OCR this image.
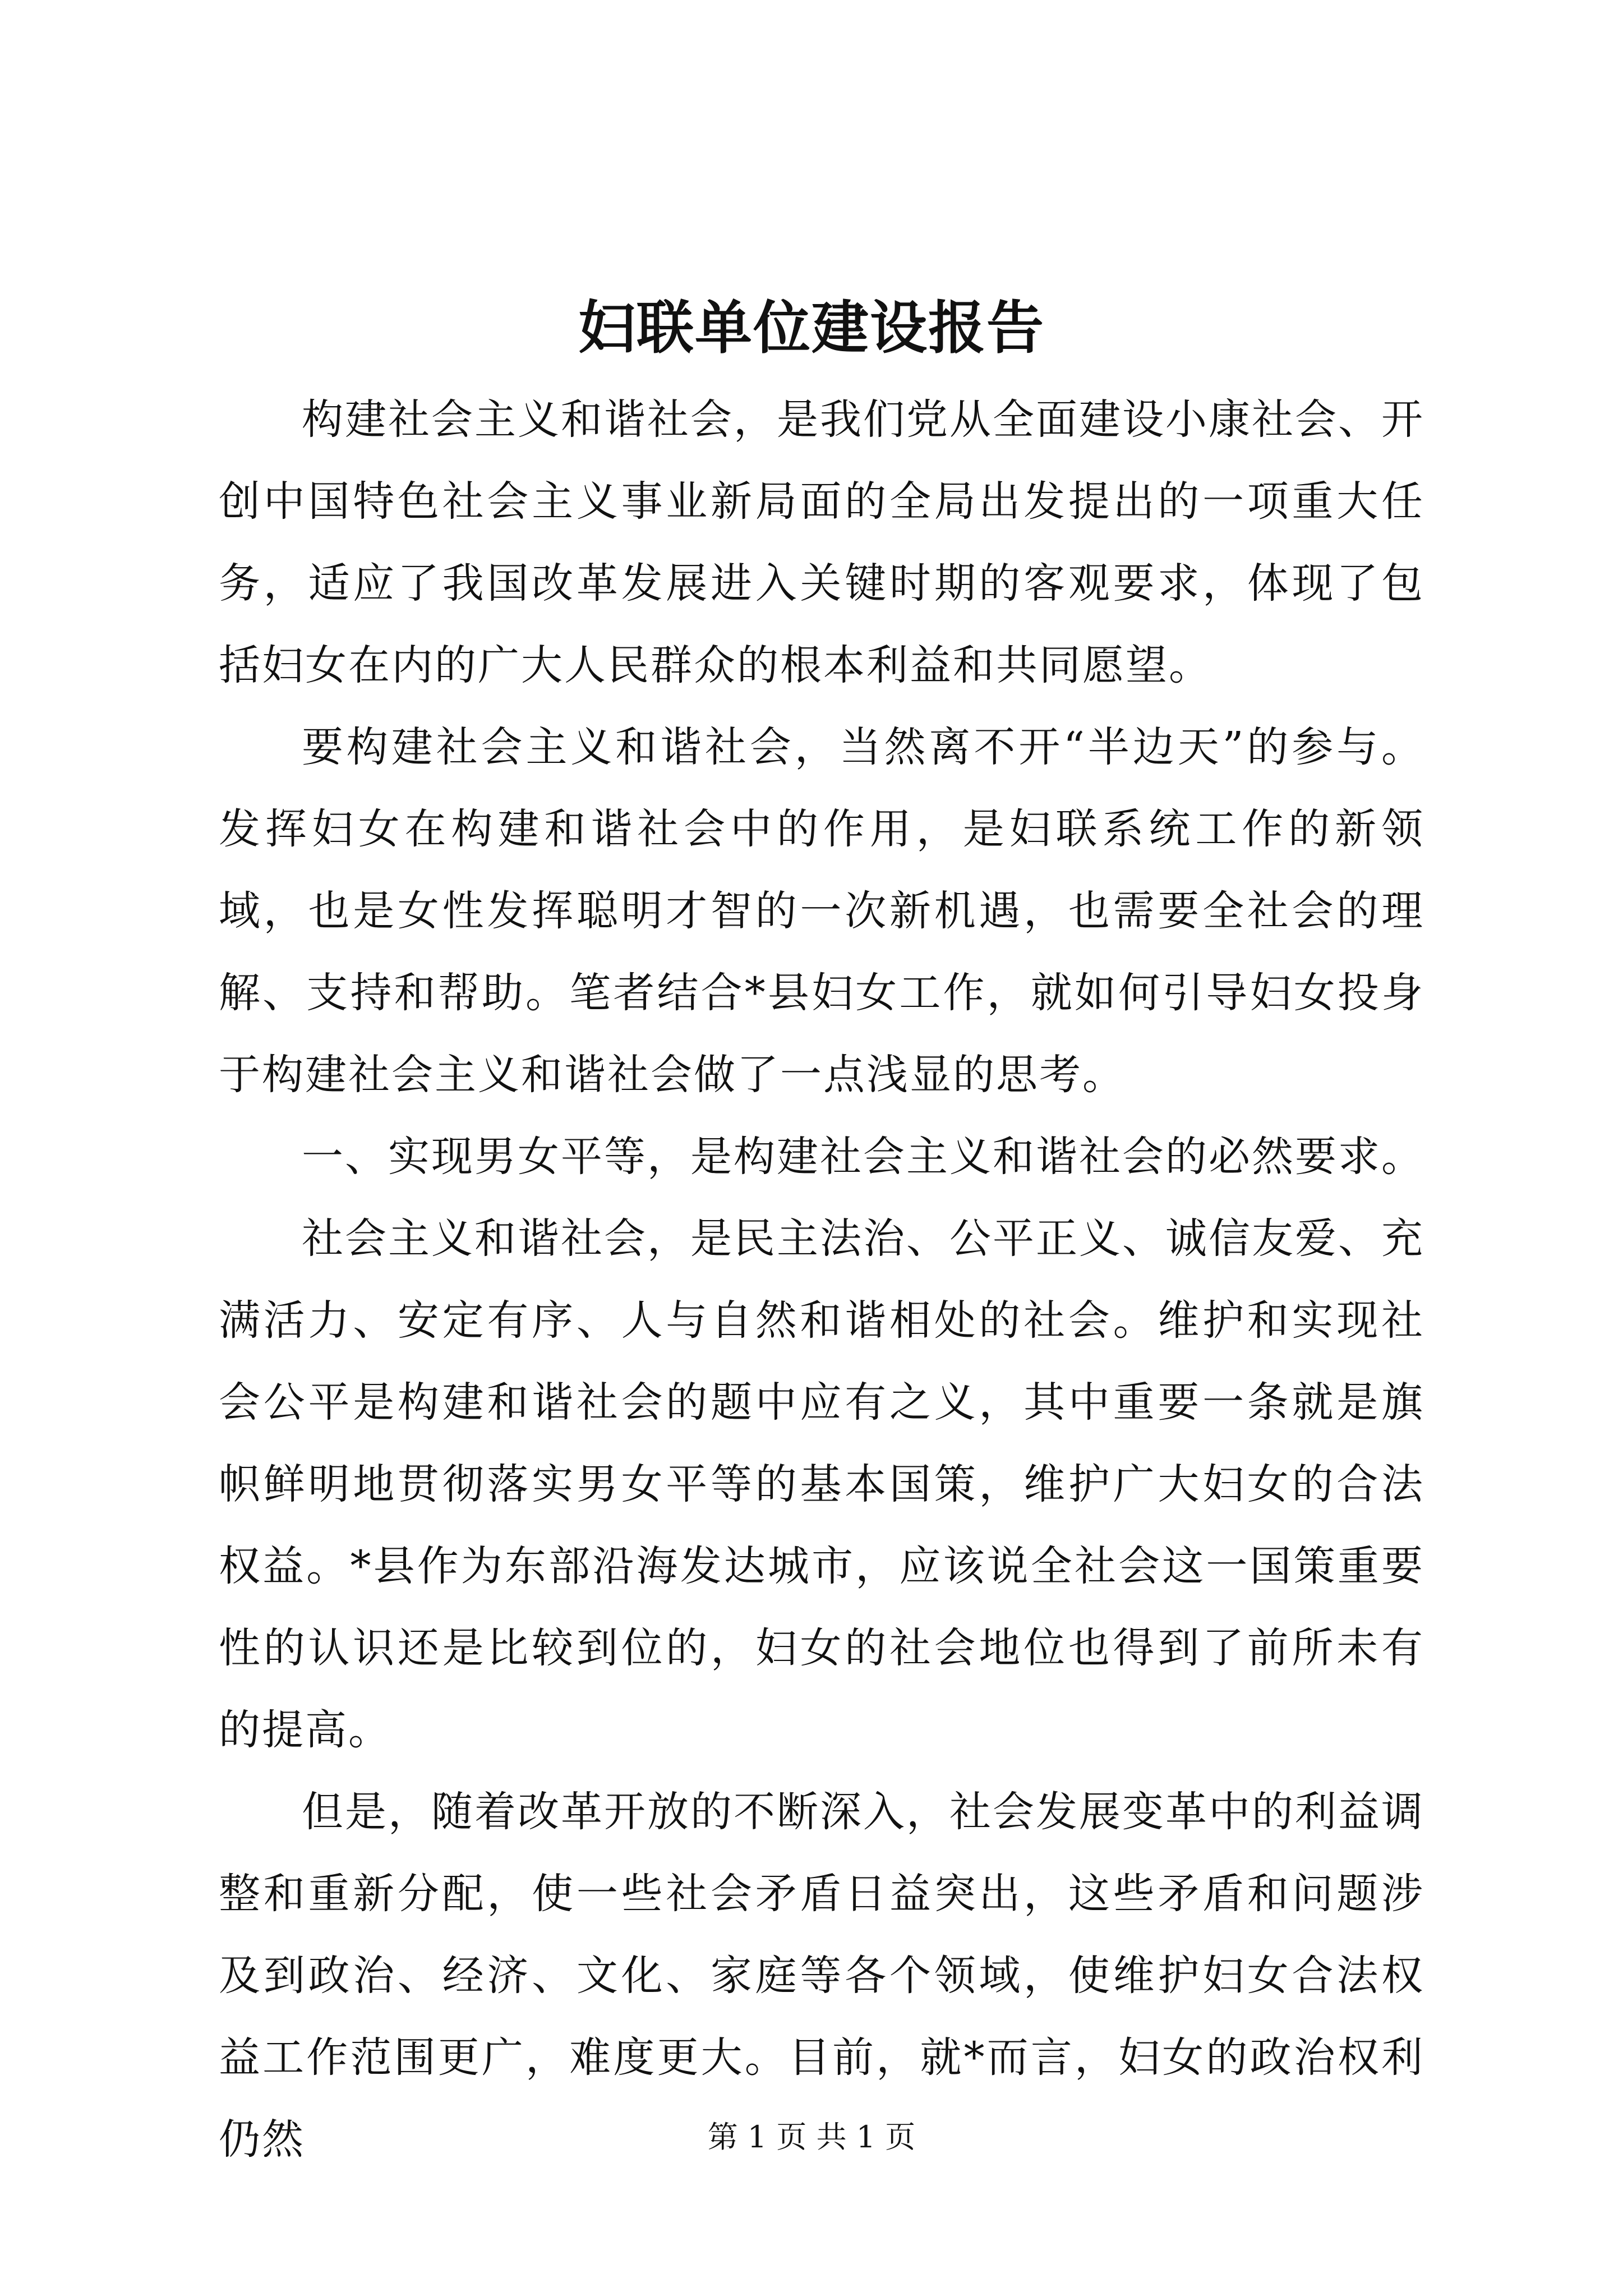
妇联单位建设报告

构建社会主义和谐社会，是我们党从全面建设小康社会、开创中国特色社会主义事业新局面的全局出发提出的一项重大任务，适应了我国改革发展进入关键时期的客观要求，体现了包括妇女在内的广大人民群众的根本利益和共同愿望。

要构建社会主义和谐社会，当然离不开“半边天”的参与。发挥妇女在构建和谐社会中的作用，是妇联系统工作的新领域，也是女性发挥聪明才智的一次新机遇，也需要全社会的理解、支持和帮助。笔者结合*县妇女工作，就如何引导妇女投身于构建社会主义和谐社会做了一点浅显的思考。

一、实现男女平等，是构建社会主义和谐社会的必然要求。

社会主义和谐社会，是民主法治、公平正义、诚信友爱、充满活力、安定有序、人与自然和谐相处的社会。维护和实现社会公平是构建和谐社会的题中应有之义，其中重要一条就是旗帜鲜明地贯彻落实男女平等的基本国策，维护广大妇女的合法权益。*县作为东部沿海发达城市，应该说全社会这一国策重要性的认识还是比较到位的，妇女的社会地位也得到了前所未有的提高。

但是，随着改革开放的不断深入，社会发展变革中的利益调整和重新分配，使一些社会矛盾日益突出，这些矛盾和问题涉及到政治、经济、文化、家庭等各个领域，使维护妇女合法权益工作范围更广，难度更大。目前，就*而言，妇女的政治权利仍然	第 1 页 共 1 页
